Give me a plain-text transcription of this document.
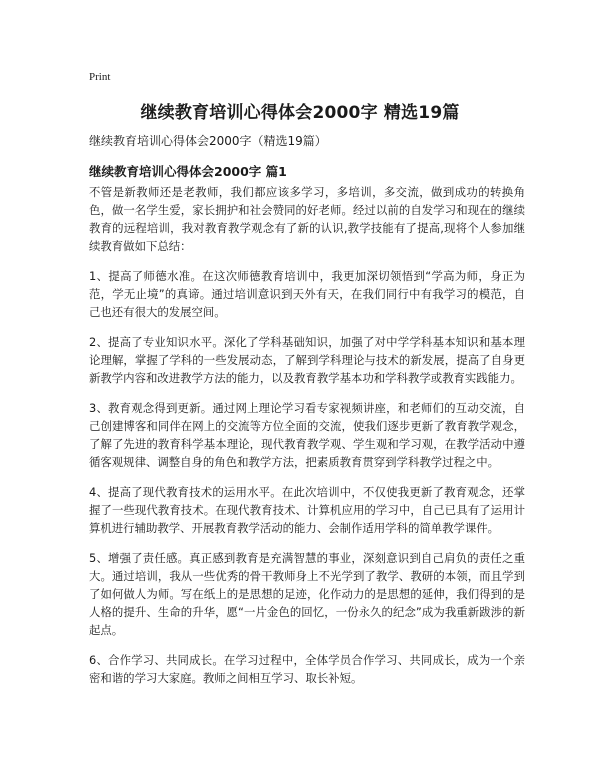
Print
继续教育培训心得体会2000字 精选19篇
继续教育培训心得体会2000字（精选19篇）
继续教育培训心得体会2000字 篇1

不管是新教师还是老教师，我们都应该多学习，多培训，多交流，做到成功的转换角色，做一名学生爱，家长拥护和社会赞同的好老师。经过以前的自发学习和现在的继续教育的远程培训，我对教育教学观念有了新的认识,教学技能有了提高,现将个人参加继续教育做如下总结：

1、提高了师德水准。在这次师德教育培训中，我更加深切领悟到“学高为师，身正为范，学无止境”的真谛。通过培训意识到天外有天，在我们同行中有我学习的模范，自己也还有很大的发展空间。

2、提高了专业知识水平。深化了学科基础知识，加强了对中学学科基本知识和基本理论理解，掌握了学科的一些发展动态，了解到学科理论与技术的新发展，提高了自身更新教学内容和改进教学方法的能力，以及教育教学基本功和学科教学或教育实践能力。

3、教育观念得到更新。通过网上理论学习看专家视频讲座，和老师们的互动交流，自己创建博客和同伴在网上的交流等方位全面的交流，使我们逐步更新了教育教学观念，了解了先进的教育科学基本理论，现代教育教学观、学生观和学习观，在教学活动中遵循客观规律、调整自身的角色和教学方法，把素质教育贯穿到学科教学过程之中。

4、提高了现代教育技术的运用水平。在此次培训中，不仅使我更新了教育观念，还掌握了一些现代教育技术。在现代教育技术、计算机应用的学习中，自己已具有了运用计算机进行辅助教学、开展教育教学活动的能力、会制作适用学科的简单教学课件。

5、增强了责任感。真正感到教育是充满智慧的事业，深刻意识到自己肩负的责任之重大。通过培训，我从一些优秀的骨干教师身上不光学到了教学、教研的本领，而且学到了如何做人为师。写在纸上的是思想的足迹，化作动力的是思想的延伸，我们得到的是人格的提升、生命的升华，愿“一片金色的回忆，一份永久的纪念”成为我重新跋涉的新起点。

6、合作学习、共同成长。在学习过程中，全体学员合作学习、共同成长，成为一个亲密和谐的学习大家庭。教师之间相互学习、取长补短。
